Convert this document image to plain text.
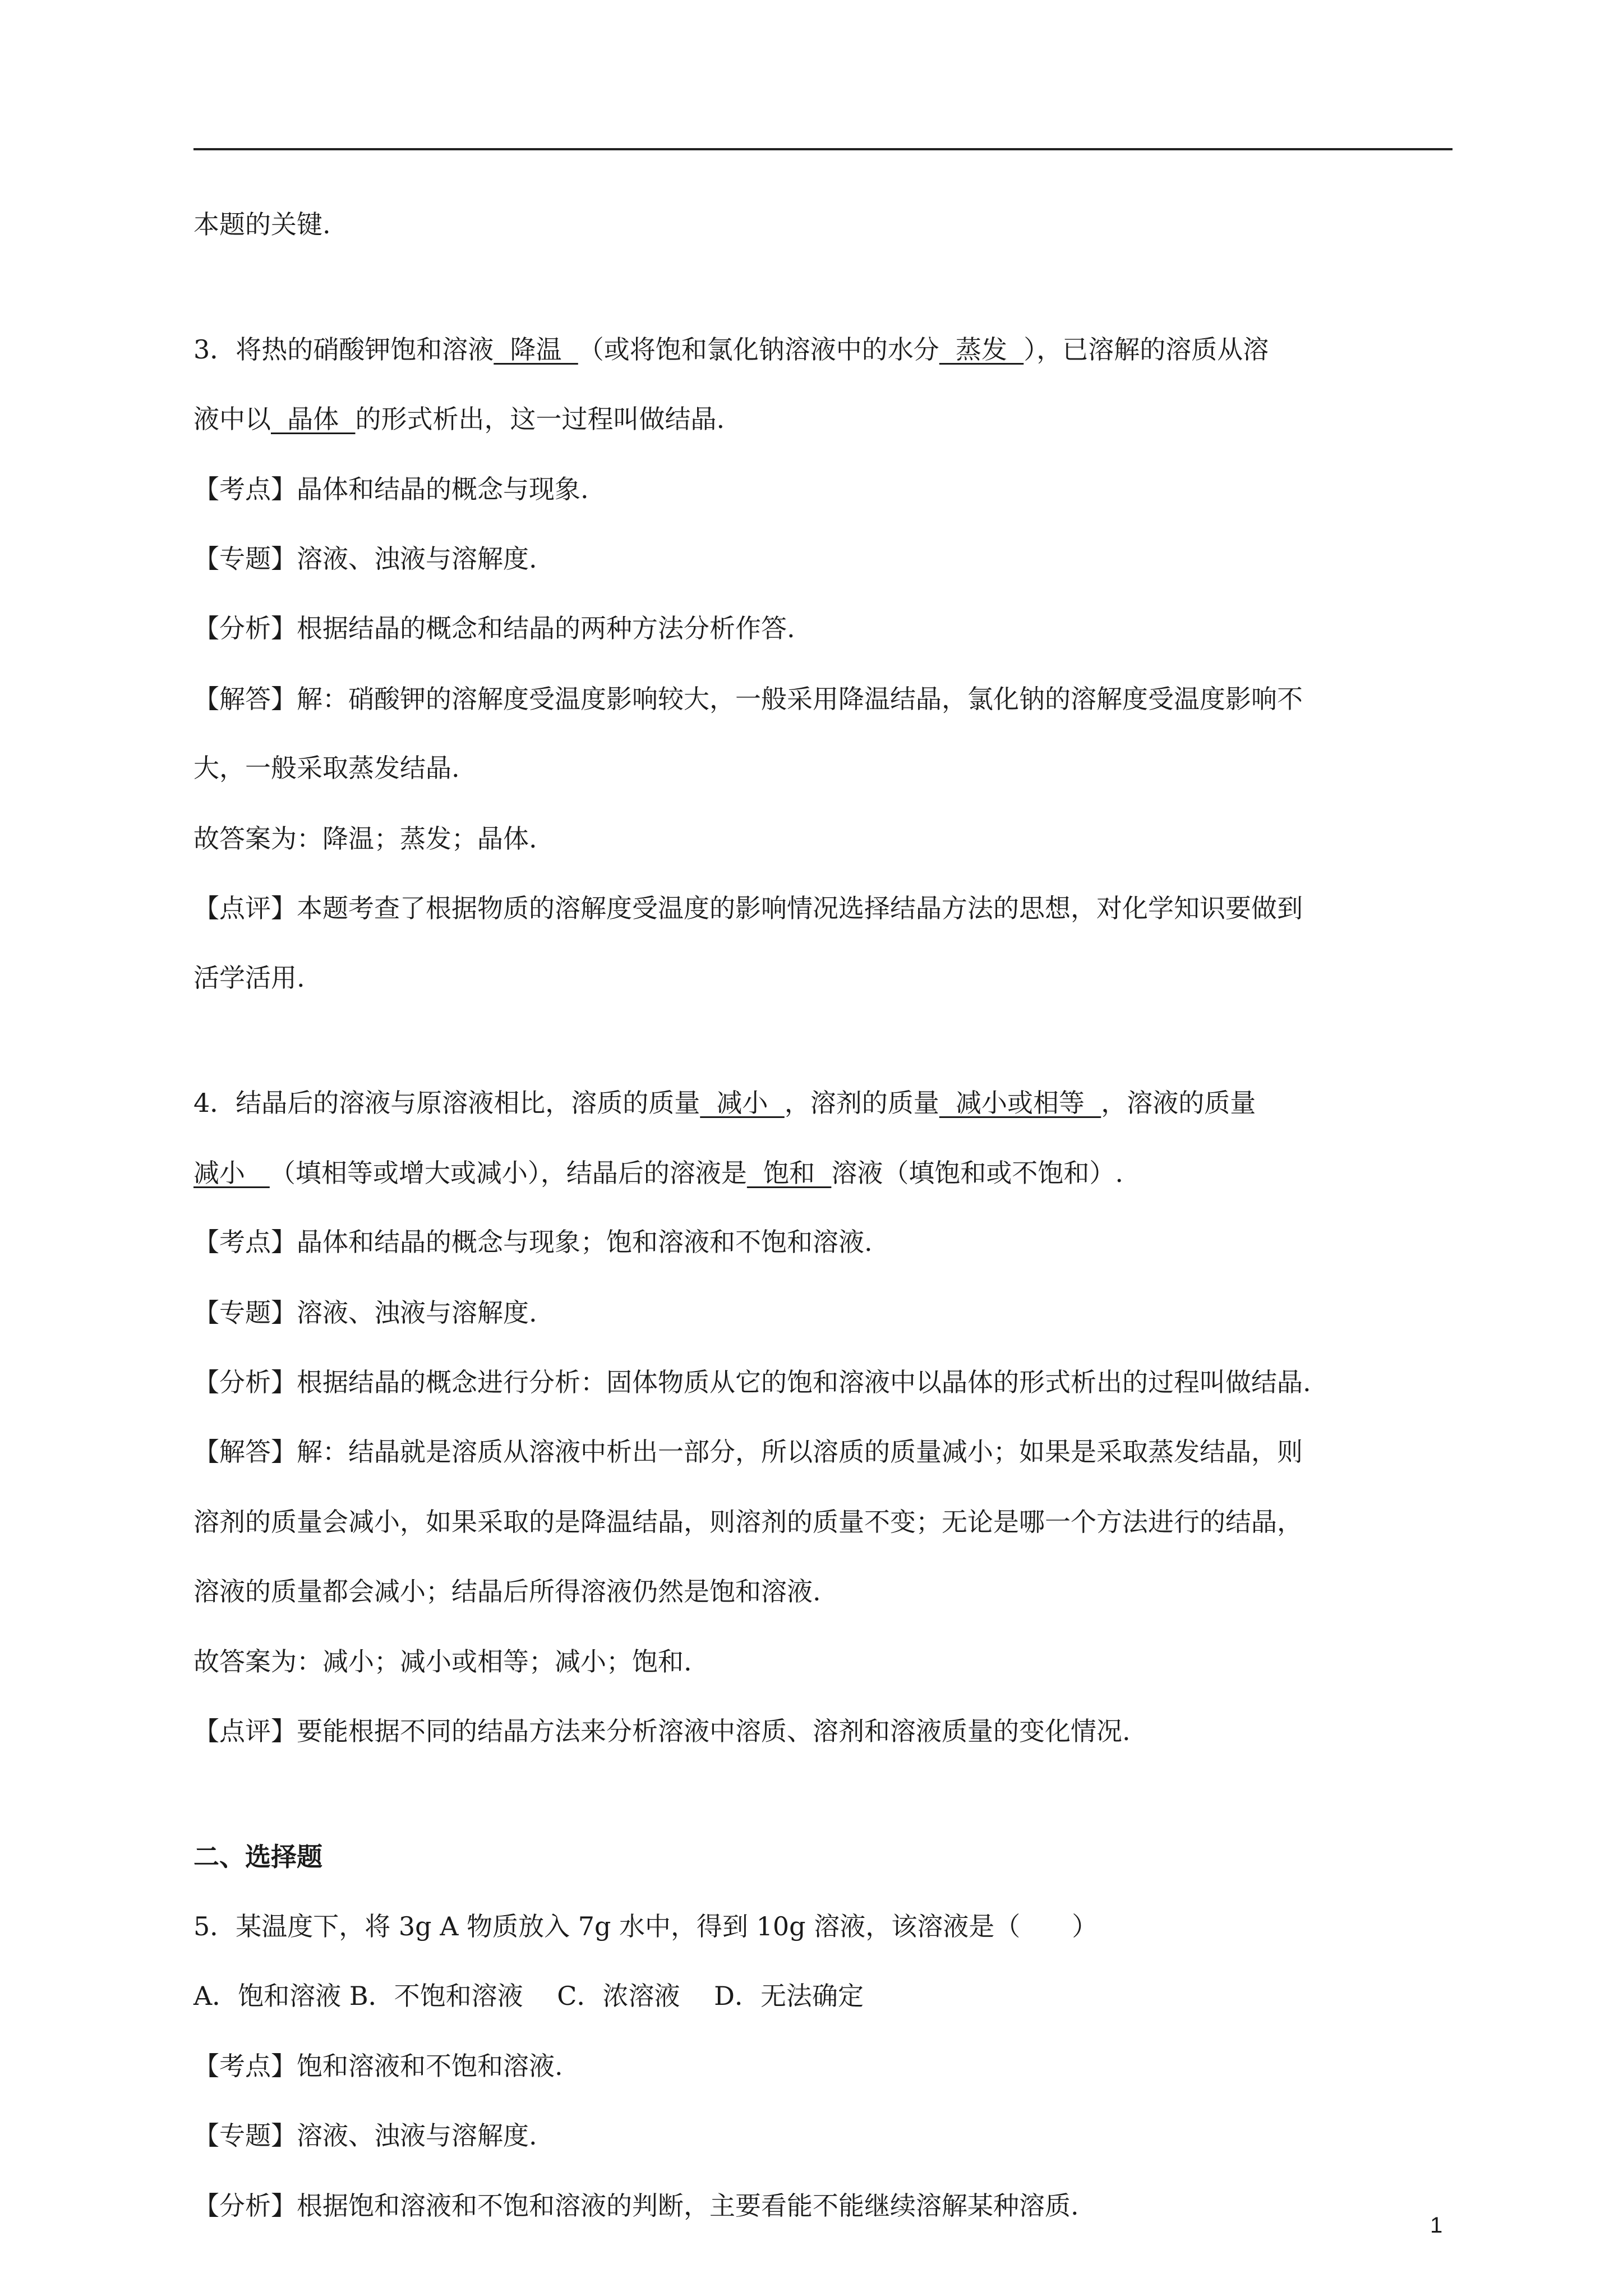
本题的关键.
3．将热的硝酸钾饱和溶液  降温  （或将饱和氯化钠溶液中的水分  蒸发  ），已溶解的溶质从溶
液中以  晶体  的形式析出，这一过程叫做结晶.
【考点】晶体和结晶的概念与现象.
【专题】溶液、浊液与溶解度.
【分析】根据结晶的概念和结晶的两种方法分析作答.
【解答】解：硝酸钾的溶解度受温度影响较大，一般采用降温结晶，氯化钠的溶解度受温度影响不
大，一般采取蒸发结晶.
故答案为：降温；蒸发；晶体.
【点评】本题考查了根据物质的溶解度受温度的影响情况选择结晶方法的思想，对化学知识要做到
活学活用.
4．结晶后的溶液与原溶液相比，溶质的质量  减小  ，溶剂的质量  减小或相等  ，溶液的质量
减小   （填相等或增大或减小），结晶后的溶液是  饱和  溶液（填饱和或不饱和）.
【考点】晶体和结晶的概念与现象；饱和溶液和不饱和溶液.
【专题】溶液、浊液与溶解度.
【分析】根据结晶的概念进行分析：固体物质从它的饱和溶液中以晶体的形式析出的过程叫做结晶.
【解答】解：结晶就是溶质从溶液中析出一部分，所以溶质的质量减小；如果是采取蒸发结晶，则
溶剂的质量会减小，如果采取的是降温结晶，则溶剂的质量不变；无论是哪一个方法进行的结晶，
溶液的质量都会减小；结晶后所得溶液仍然是饱和溶液.
故答案为：减小；减小或相等；减小；饱和.
【点评】要能根据不同的结晶方法来分析溶液中溶质、溶剂和溶液质量的变化情况.
二、选择题
5．某温度下，将 3g A 物质放入 7g 水中，得到 10g 溶液，该溶液是（　　）
A．饱和溶液 B．不饱和溶液　 C．浓溶液　 D．无法确定
【考点】饱和溶液和不饱和溶液.
【专题】溶液、浊液与溶解度.
【分析】根据饱和溶液和不饱和溶液的判断，主要看能不能继续溶解某种溶质.
1
